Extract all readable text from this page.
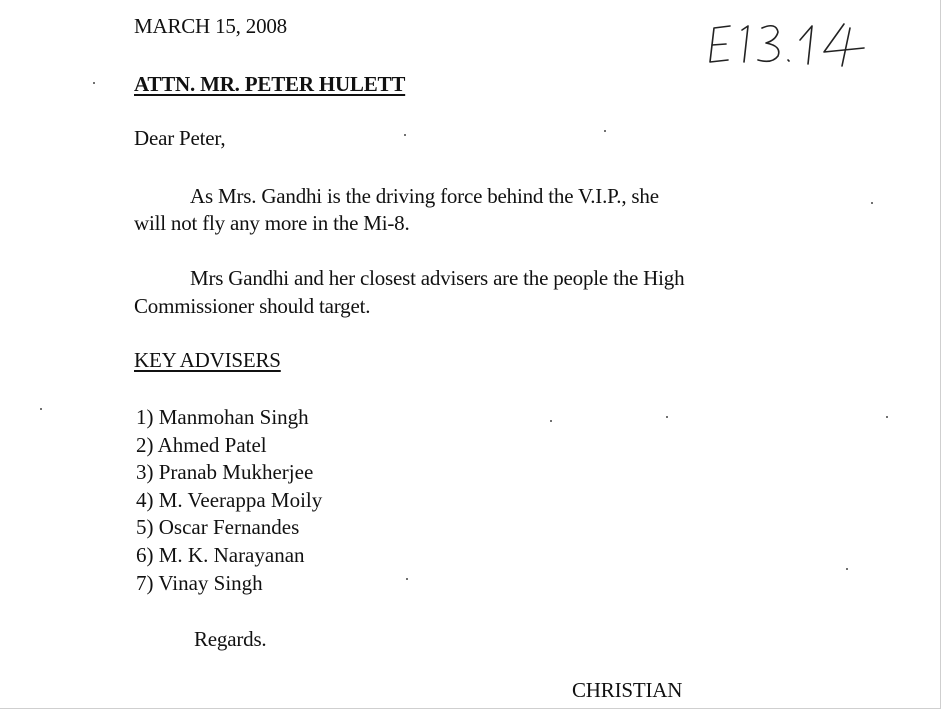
MARCH 15, 2008
ATTN. MR. PETER HULETT
Dear Peter,
As Mrs. Gandhi is the driving force behind the V.I.P., she
will not fly any more in the Mi-8.
Mrs Gandhi and her closest advisers are the people the High
Commissioner should target.
KEY ADVISERS
1) Manmohan Singh
2) Ahmed Patel
3) Pranab Mukherjee
4) M. Veerappa Moily
5) Oscar Fernandes
6) M. K. Narayanan
7) Vinay Singh
Regards.
CHRISTIAN
